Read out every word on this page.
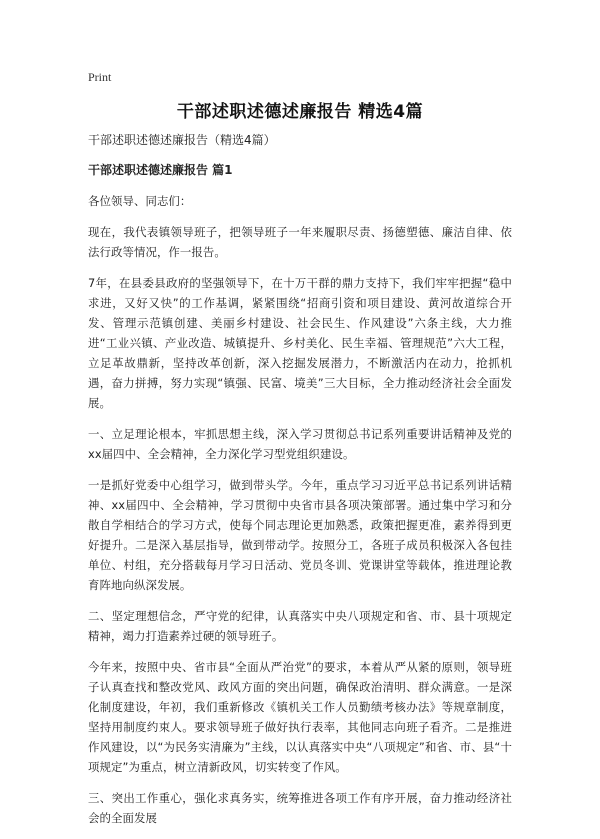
Print
干部述职述德述廉报告 精选4篇

干部述职述德述廉报告（精选4篇）

干部述职述德述廉报告 篇1

各位领导、同志们：

现在，我代表镇领导班子，把领导班子一年来履职尽责、扬德塑德、廉洁自律、依法行政等情况，作一报告。

7年，在县委县政府的坚强领导下，在十万干群的鼎力支持下，我们牢牢把握“稳中求进，又好又快”的工作基调，紧紧围绕“招商引资和项目建设、黄河故道综合开发、管理示范镇创建、美丽乡村建设、社会民生、作风建设”六条主线，大力推进“工业兴镇、产业改造、城镇提升、乡村美化、民生幸福、管理规范”六大工程，立足革故鼎新，坚持改革创新，深入挖掘发展潜力，不断激活内在动力，抢抓机遇，奋力拼搏，努力实现“镇强、民富、境美”三大目标，全力推动经济社会全面发展。

一、立足理论根本，牢抓思想主线，深入学习贯彻总书记系列重要讲话精神及党的xx届四中、全会精神，全力深化学习型党组织建设。

一是抓好党委中心组学习，做到带头学。今年，重点学习习近平总书记系列讲话精神、xx届四中、全会精神，学习贯彻中央省市县各项决策部署。通过集中学习和分散自学相结合的学习方式，使每个同志理论更加熟悉，政策把握更准，素养得到更好提升。二是深入基层指导，做到带动学。按照分工，各班子成员积极深入各包挂单位、村组，充分搭载每月学习日活动、党员冬训、党课讲堂等载体，推进理论教育阵地向纵深发展。

二、坚定理想信念，严守党的纪律，认真落实中央八项规定和省、市、县十项规定精神，竭力打造素养过硬的领导班子。

今年来，按照中央、省市县“全面从严治党”的要求，本着从严从紧的原则，领导班子认真查找和整改党风、政风方面的突出问题，确保政治清明、群众满意。一是深化制度建设，年初，我们重新修改《镇机关工作人员勤绩考核办法》等规章制度，坚持用制度约束人。要求领导班子做好执行表率，其他同志向班子看齐。二是推进作风建设，以“为民务实清廉为”主线，以认真落实中央“八项规定”和省、市、县“十项规定”为重点，树立清新政风，切实转变了作风。

三、突出工作重心，强化求真务实，统筹推进各项工作有序开展，奋力推动经济社会的全面发展
